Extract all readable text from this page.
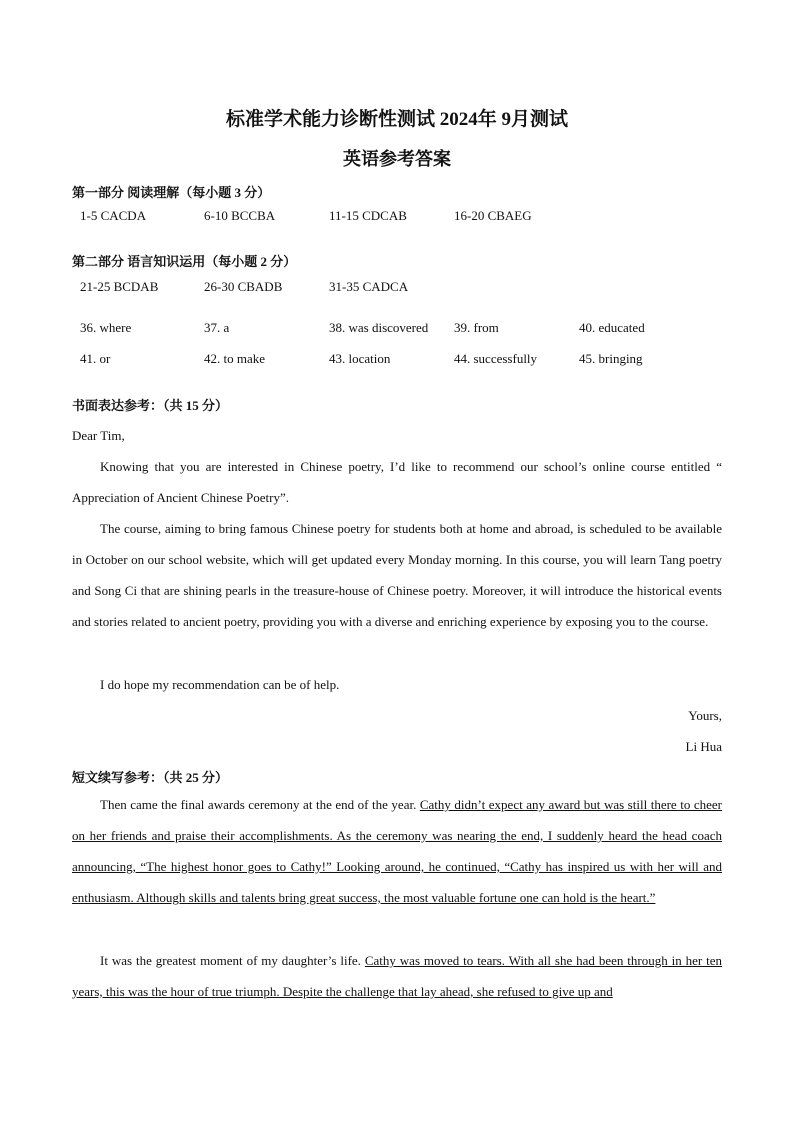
标准学术能力诊断性测试 2024年 9月测试
英语参考答案
第一部分 阅读理解（每小题 3 分）
1-5 CACDA	6-10 BCCBA	11-15 CDCAB	16-20 CBAEG
第二部分 语言知识运用（每小题 2 分）
21-25 BCDAB	26-30 CBADB	31-35 CADCA
36. where	37. a	38. was discovered 39. from	40. educated
41. or	42. to make	43. location	44. successfully	45. bringing
书面表达参考：（共 15 分）
Dear Tim,
Knowing that you are interested in Chinese poetry, I’d like to recommend our school’s online course entitled “ Appreciation of Ancient Chinese Poetry”.
The course, aiming to bring famous Chinese poetry for students both at home and abroad, is scheduled to be available in October on our school website, which will get updated every Monday morning. In this course, you will learn Tang poetry and Song Ci that are shining pearls in the treasure-house of Chinese poetry. Moreover, it will introduce the historical events and stories related to ancient poetry, providing you with a diverse and enriching experience by exposing you to the course.
I do hope my recommendation can be of help.
Yours,
Li Hua
短文续写参考：（共 25 分）
Then came the final awards ceremony at the end of the year. Cathy didn’t expect any award but was still there to cheer on her friends and praise their accomplishments. As the ceremony was nearing the end, I suddenly heard the head coach announcing, “The highest honor goes to Cathy!” Looking around, he continued, “Cathy has inspired us with her will and enthusiasm. Although skills and talents bring great success, the most valuable fortune one can hold is the heart.”
It was the greatest moment of my daughter’s life. Cathy was moved to tears. With all she had been through in her ten years, this was the hour of true triumph. Despite the challenge that lay ahead, she refused to give up and
